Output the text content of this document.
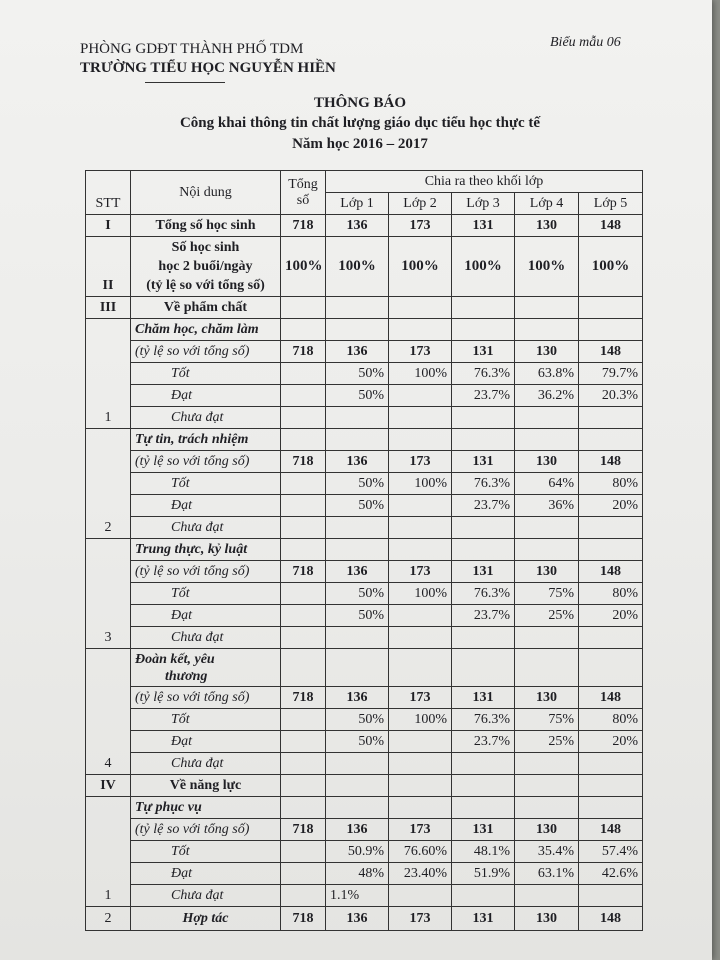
PHÒNG GDĐT THÀNH PHỐ TDM
TRƯỜNG TIỂU HỌC NGUYỄN HIỀN
Biểu mẫu 06
THÔNG BÁO
Công khai thông tin chất lượng giáo dục tiểu học thực tế
Năm học 2016 – 2017
STT	Nội dung	Tổng
số	Chia ra theo khối lớp				
			Lớp 1	Lớp 2	Lớp 3	Lớp 4	Lớp 5
I	Tổng số học sinh	718	136	173	131	130	148
II	Số học sinh
học 2 buổi/ngày
(tỷ lệ so với tổng số)	100%	100%	100%	100%	100%	100%
III	Về phẩm chất						
1	Chăm học, chăm làm						
	(tỷ lệ so với tổng số)	718	136	173	131	130	148
	Tốt		50%	100%	76.3%	63.8%	79.7%
	Đạt		50%		23.7%	36.2%	20.3%
	Chưa đạt						
2	Tự tin, trách nhiệm						
	(tỷ lệ so với tổng số)	718	136	173	131	130	148
	Tốt		50%	100%	76.3%	64%	80%
	Đạt		50%		23.7%	36%	20%
	Chưa đạt						
3	Trung thực, kỷ luật						
	(tỷ lệ so với tổng số)	718	136	173	131	130	148
	Tốt		50%	100%	76.3%	75%	80%
	Đạt		50%		23.7%	25%	20%
	Chưa đạt						
4	Đoàn kết, yêu
thương						
	(tỷ lệ so với tổng số)	718	136	173	131	130	148
	Tốt		50%	100%	76.3%	75%	80%
	Đạt		50%		23.7%	25%	20%
	Chưa đạt						
IV	Về năng lực						
1	Tự phục vụ						
	(tỷ lệ so với tổng số)	718	136	173	131	130	148
	Tốt		50.9%	76.60%	48.1%	35.4%	57.4%
	Đạt		48%	23.40%	51.9%	63.1%	42.6%
	Chưa đạt		1.1%				
2	Hợp tác	718	136	173	131	130	148
